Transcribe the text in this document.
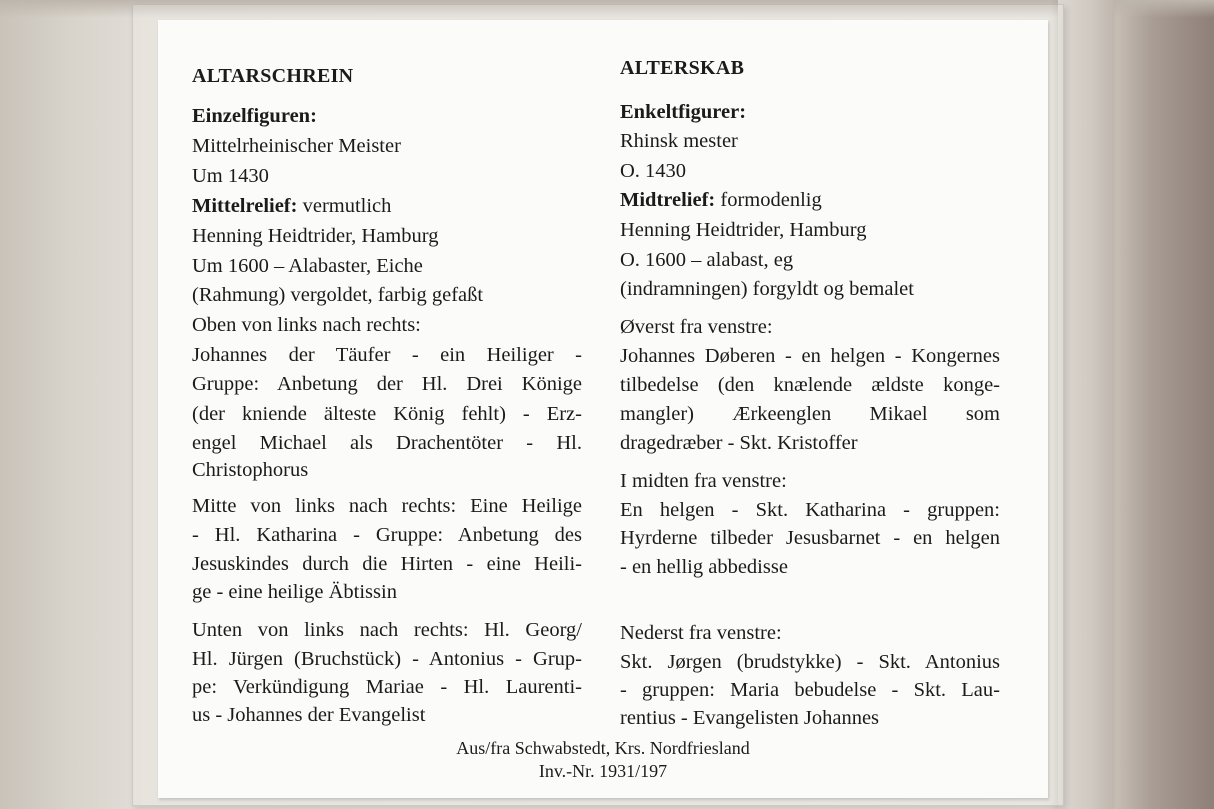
ALTARSCHREIN
Einzelfiguren:
Mittelrheinischer Meister
Um 1430
Mittelrelief: vermutlich
Henning Heidtrider, Hamburg
Um 1600 – Alabaster, Eiche
(Rahmung) vergoldet, farbig gefaßt
Oben von links nach rechts:
Johannes der Täufer - ein Heiliger -
Gruppe: Anbetung der Hl. Drei Könige
(der kniende älteste König fehlt) - Erz-
engel Michael als Drachentöter - Hl.
Christophorus
Mitte von links nach rechts: Eine Heilige
- Hl. Katharina - Gruppe: Anbetung des
Jesuskindes durch die Hirten - eine Heili-
ge - eine heilige Äbtissin
Unten von links nach rechts: Hl. Georg/
Hl. Jürgen (Bruchstück) - Antonius - Grup-
pe: Verkündigung Mariae - Hl. Laurenti-
us - Johannes der Evangelist
ALTERSKAB
Enkeltfigurer:
Rhinsk mester
O. 1430
Midtrelief: formodenlig
Henning Heidtrider, Hamburg
O. 1600 – alabast, eg
(indramningen) forgyldt og bemalet
Øverst fra venstre:
Johannes Døberen - en helgen - Kongernes
tilbedelse (den knælende ældste konge-
mangler) Ærkeenglen Mikael som
dragedræber - Skt. Kristoffer
I midten fra venstre:
En helgen - Skt. Katharina - gruppen:
Hyrderne tilbeder Jesusbarnet - en helgen
- en hellig abbedisse
Nederst fra venstre:
Skt. Jørgen (brudstykke) - Skt. Antonius
- gruppen: Maria bebudelse - Skt. Lau-
rentius - Evangelisten Johannes
Aus/fra Schwabstedt, Krs. Nordfriesland
Inv.-Nr. 1931/197
